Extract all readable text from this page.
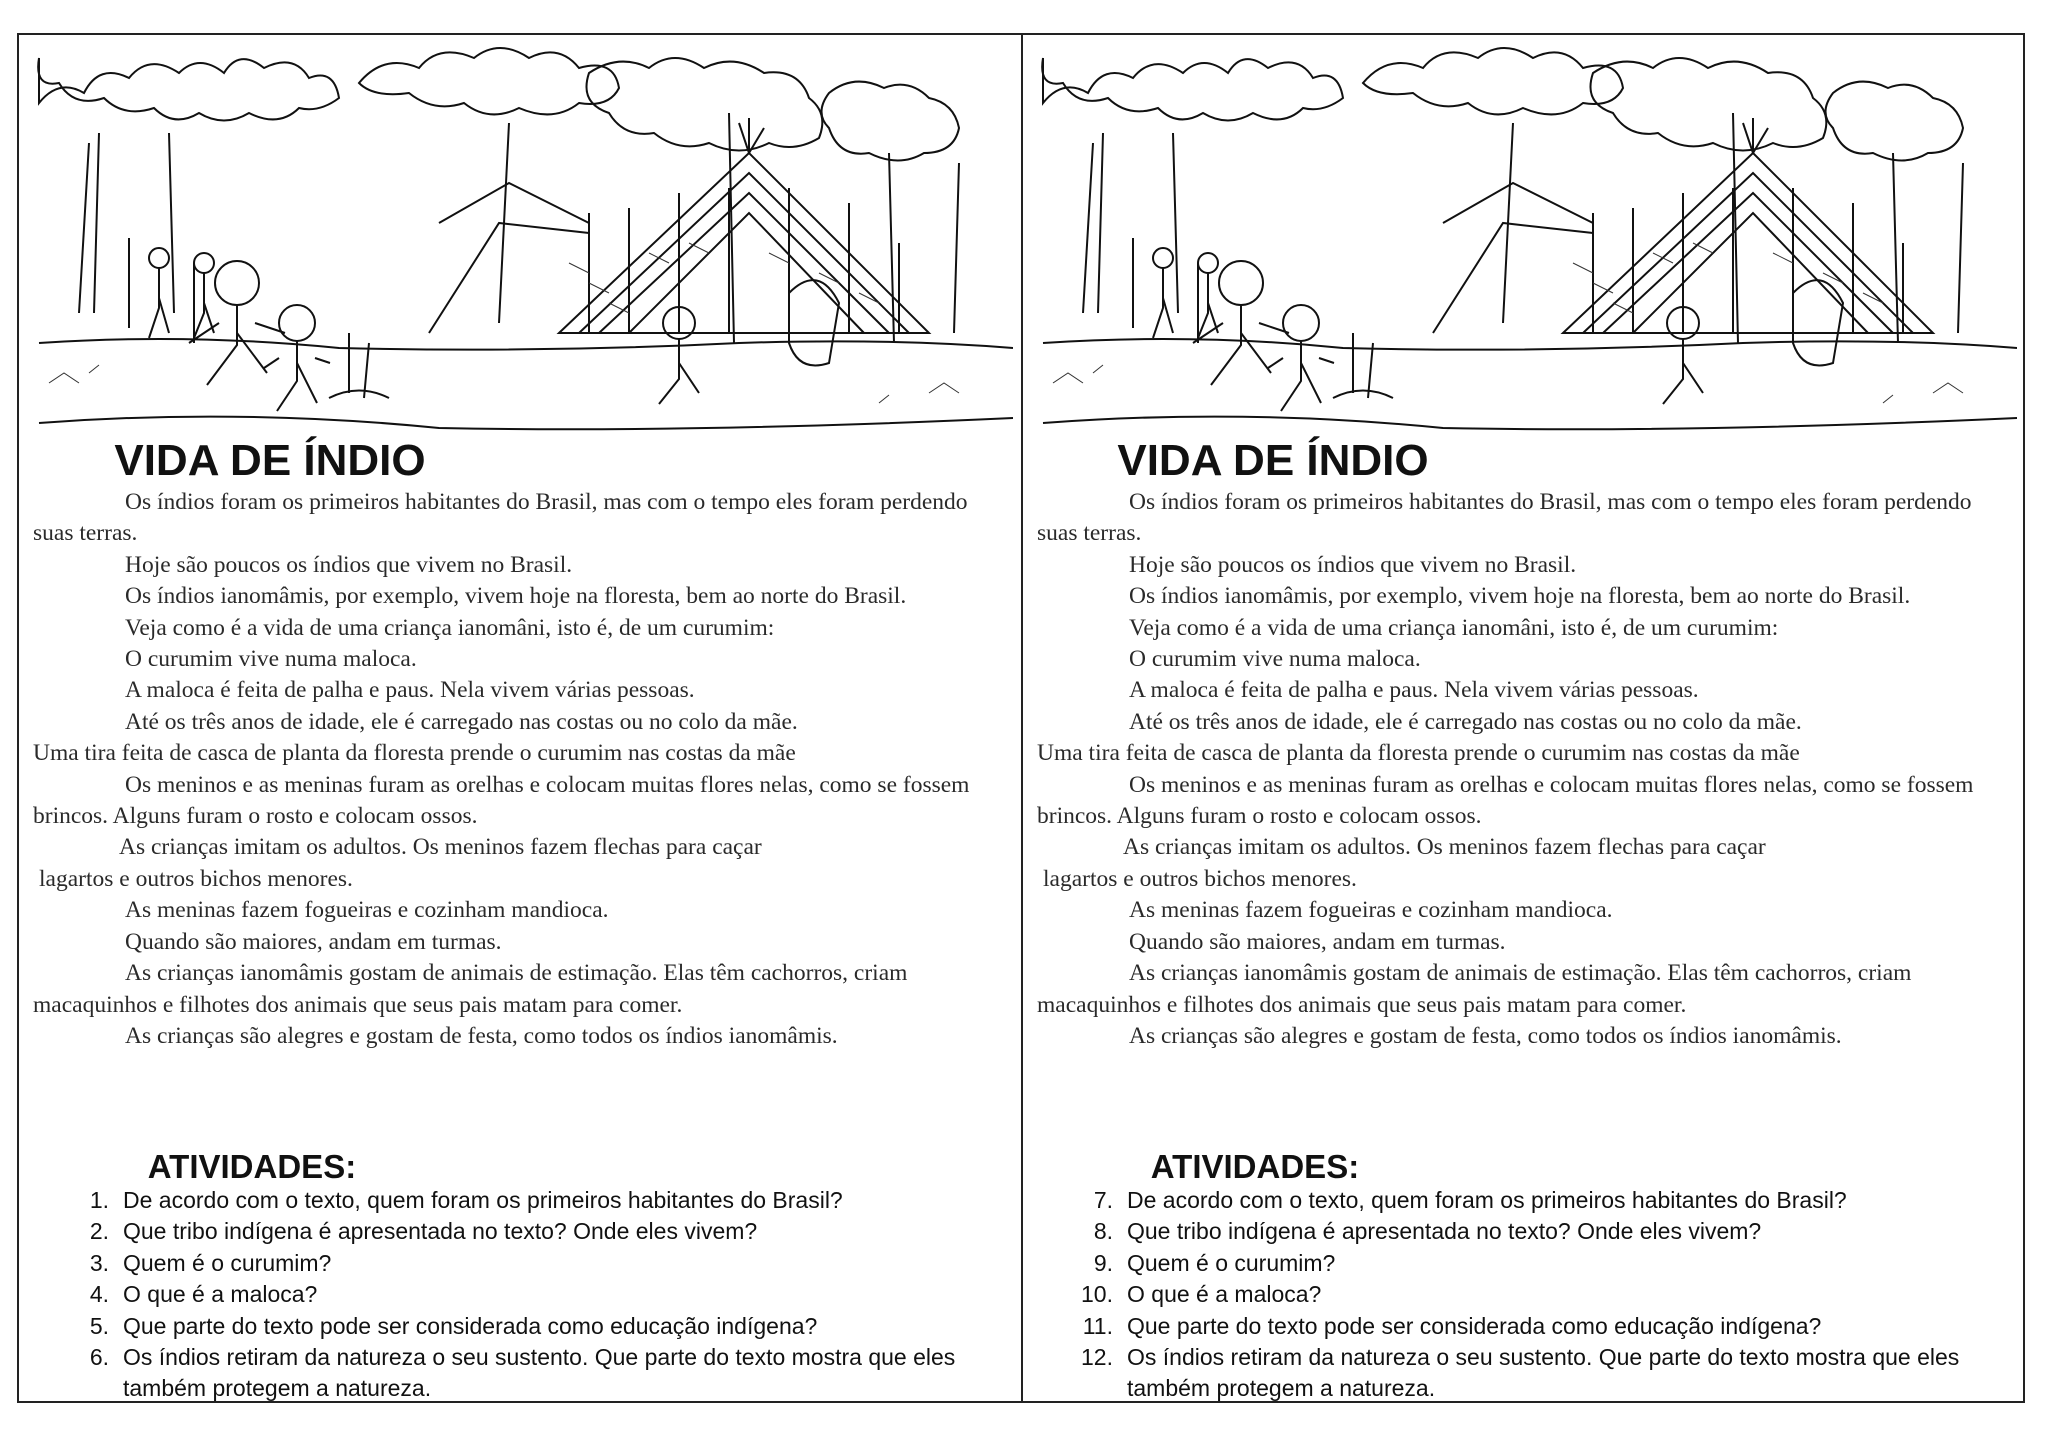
VIDA DE ÍNDIO

Os índios foram os primeiros habitantes do Brasil, mas com o tempo eles foram perdendo suas terras.

Hoje são poucos os índios que vivem no Brasil.

Os índios ianomâmis, por exemplo, vivem hoje na floresta, bem ao norte do Brasil.

Veja como é a vida de uma criança ianomâni, isto é, de um curumim:

O curumim vive numa maloca.

A maloca é feita de palha e paus. Nela vivem várias pessoas.

Até os três anos de idade, ele é carregado nas costas ou no colo da mãe.

Uma tira feita de casca de planta da floresta prende o curumim nas costas da mãe

Os meninos e as meninas furam as orelhas e colocam muitas flores nelas, como se fossem brincos. Alguns furam o rosto e colocam ossos.

As crianças imitam os adultos. Os meninos fazem flechas para caçar

lagartos e outros bichos menores.

As meninas fazem fogueiras e cozinham mandioca.

Quando são maiores, andam em turmas.

As crianças ianomâmis gostam de animais de estimação. Elas têm cachorros, criam macaquinhos e filhotes dos animais que seus pais matam para comer.

As crianças são alegres e gostam de festa, como todos os índios ianomâmis.

ATIVIDADES:
1. De acordo com o texto, quem foram os primeiros habitantes do Brasil?
2. Que tribo indígena é apresentada no texto? Onde eles vivem?
3. Quem é o curumim?
4. O que é a maloca?
5. Que parte do texto pode ser considerada como educação indígena?
6. Os índios retiram da natureza o seu sustento. Que parte do texto mostra que eles também protegem a natureza.
VIDA DE ÍNDIO

Os índios foram os primeiros habitantes do Brasil, mas com o tempo eles foram perdendo suas terras.

Hoje são poucos os índios que vivem no Brasil.

Os índios ianomâmis, por exemplo, vivem hoje na floresta, bem ao norte do Brasil.

Veja como é a vida de uma criança ianomâni, isto é, de um curumim:

O curumim vive numa maloca.

A maloca é feita de palha e paus. Nela vivem várias pessoas.

Até os três anos de idade, ele é carregado nas costas ou no colo da mãe.

Uma tira feita de casca de planta da floresta prende o curumim nas costas da mãe

Os meninos e as meninas furam as orelhas e colocam muitas flores nelas, como se fossem brincos. Alguns furam o rosto e colocam ossos.

As crianças imitam os adultos. Os meninos fazem flechas para caçar

lagartos e outros bichos menores.

As meninas fazem fogueiras e cozinham mandioca.

Quando são maiores, andam em turmas.

As crianças ianomâmis gostam de animais de estimação. Elas têm cachorros, criam macaquinhos e filhotes dos animais que seus pais matam para comer.

As crianças são alegres e gostam de festa, como todos os índios ianomâmis.

ATIVIDADES:
7. De acordo com o texto, quem foram os primeiros habitantes do Brasil?
8. Que tribo indígena é apresentada no texto? Onde eles vivem?
9. Quem é o curumim?
10. O que é a maloca?
11. Que parte do texto pode ser considerada como educação indígena?
12. Os índios retiram da natureza o seu sustento. Que parte do texto mostra que eles também protegem a natureza.
